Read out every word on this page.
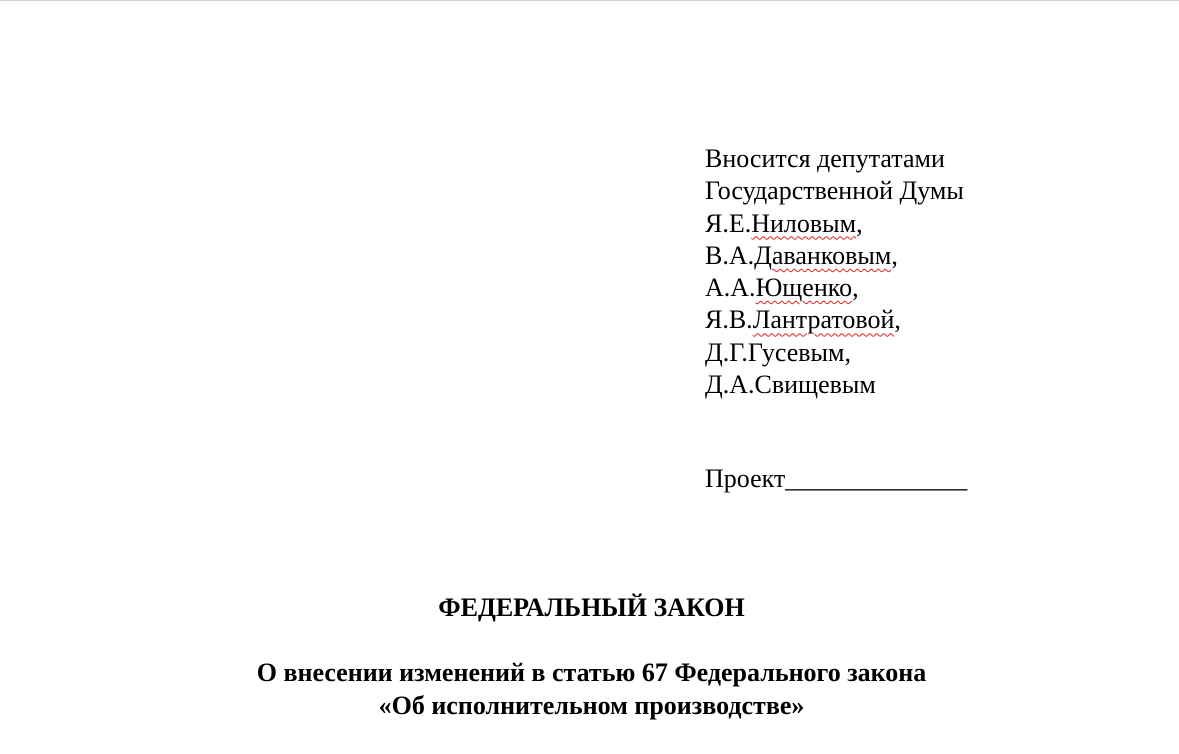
Вносится депутатами
Государственной Думы
Я.Е.Ниловым,
В.А.Даванковым,
А.А.Ющенко,
Я.В.Лантратовой,
Д.Г.Гусевым,
Д.А.Свищевым
Проект______________
ФЕДЕРАЛЬНЫЙ ЗАКОН
О внесении изменений в статью 67 Федерального закона
«Об исполнительном производстве»
